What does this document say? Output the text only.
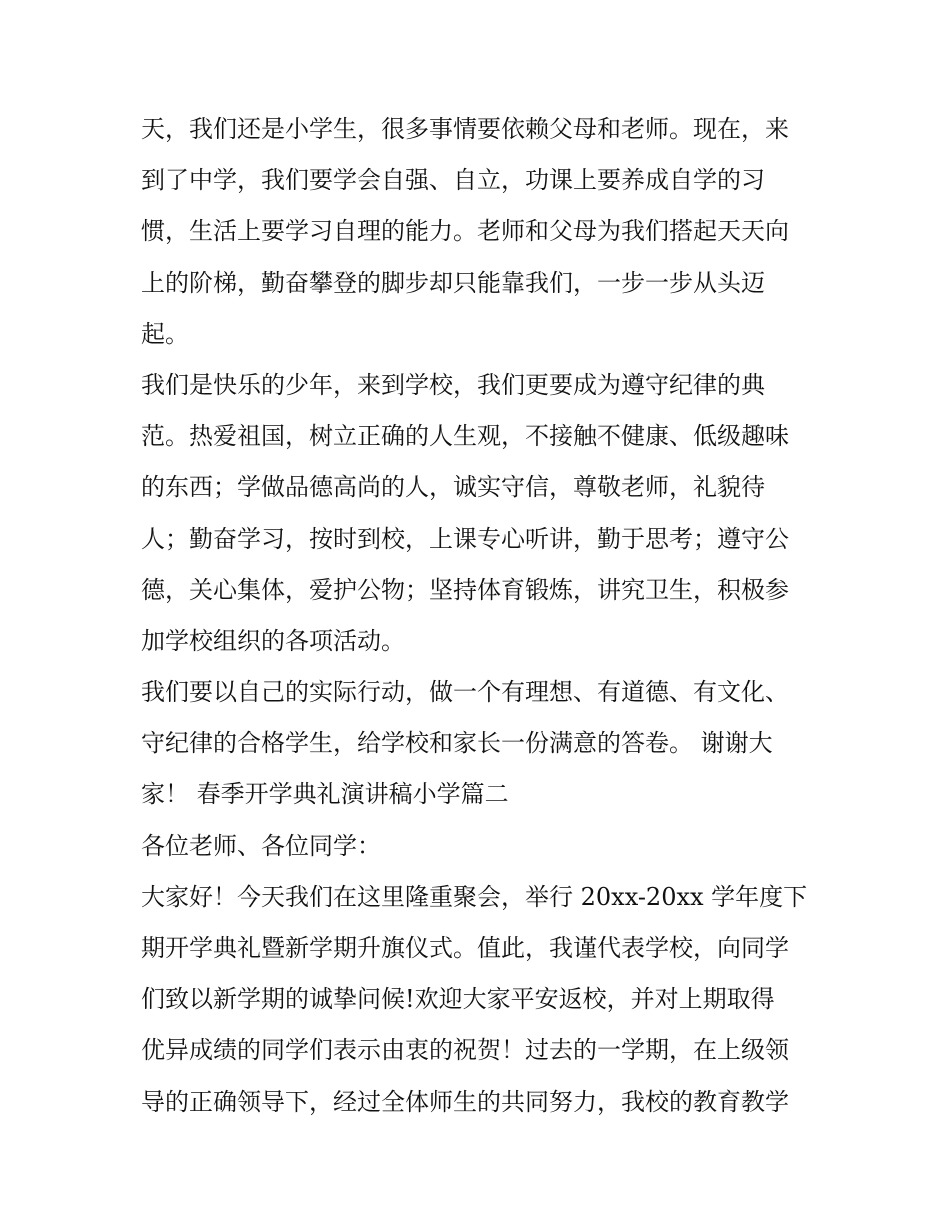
天，我们还是小学生，很多事情要依赖父母和老师。现在，来
到了中学，我们要学会自强、自立，功课上要养成自学的习
惯，生活上要学习自理的能力。老师和父母为我们搭起天天向
上的阶梯，勤奋攀登的脚步却只能靠我们，一步一步从头迈
起。
我们是快乐的少年，来到学校，我们更要成为遵守纪律的典
范。热爱祖国，树立正确的人生观，不接触不健康、低级趣味
的东西；学做品德高尚的人，诚实守信，尊敬老师，礼貌待
人；勤奋学习，按时到校，上课专心听讲，勤于思考；遵守公
德，关心集体，爱护公物；坚持体育锻炼，讲究卫生，积极参
加学校组织的各项活动。
我们要以自己的实际行动，做一个有理想、有道德、有文化、
守纪律的合格学生，给学校和家长一份满意的答卷。 谢谢大
家！ 春季开学典礼演讲稿小学篇二
各位老师、各位同学：
大家好！今天我们在这里隆重聚会，举行 20xx-20xx 学年度下
期开学典礼暨新学期升旗仪式。值此，我谨代表学校，向同学
们致以新学期的诚挚问候!欢迎大家平安返校，并对上期取得
优异成绩的同学们表示由衷的祝贺！过去的一学期，在上级领
导的正确领导下，经过全体师生的共同努力，我校的教育教学
